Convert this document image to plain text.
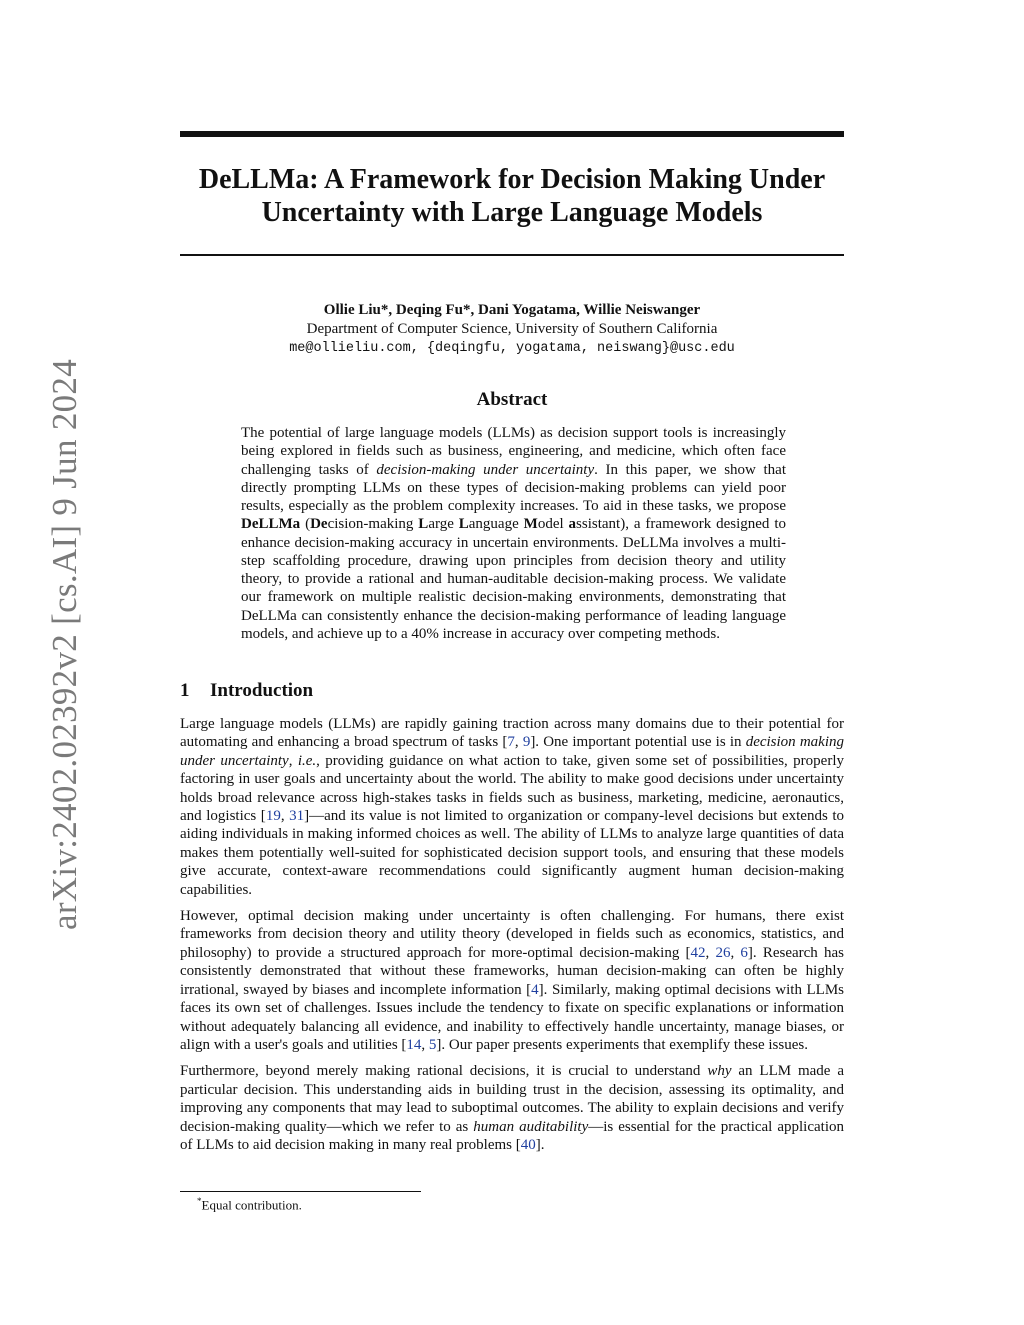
arXiv:2402.02392v2 [cs.AI] 9 Jun 2024
DeLLMa: A Framework for Decision Making Under
Uncertainty with Large Language Models
Ollie Liu*, Deqing Fu*, Dani Yogatama, Willie Neiswanger
Department of Computer Science, University of Southern California
me@ollieliu.com, {deqingfu, yogatama, neiswang}@usc.edu
Abstract

The potential of large language models (LLMs) as decision support tools is increasingly being explored in fields such as business, engineering, and medicine, which often face challenging tasks of decision-making under uncertainty. In this paper, we show that directly prompting LLMs on these types of decision-making problems can yield poor results, especially as the problem complexity increases. To aid in these tasks, we propose DeLLMa (Decision-making Large Language Model assistant), a framework designed to enhance decision-making accuracy in uncertain environments. DeLLMa involves a multi-step scaffolding procedure, drawing upon principles from decision theory and utility theory, to provide a rational and human-auditable decision-making process. We validate our framework on multiple realistic decision-making environments, demonstrating that DeLLMa can consistently enhance the decision-making performance of leading language models, and achieve up to a 40% increase in accuracy over competing methods.

1 Introduction

Large language models (LLMs) are rapidly gaining traction across many domains due to their potential for automating and enhancing a broad spectrum of tasks [7, 9]. One important potential use is in decision making under uncertainty, i.e., providing guidance on what action to take, given some set of possibilities, properly factoring in user goals and uncertainty about the world. The ability to make good decisions under uncertainty holds broad relevance across high-stakes tasks in fields such as business, marketing, medicine, aeronautics, and logistics [19, 31]—and its value is not limited to organization or company-level decisions but extends to aiding individuals in making informed choices as well. The ability of LLMs to analyze large quantities of data makes them potentially well-suited for sophisticated decision support tools, and ensuring that these models give accurate, context-aware recommendations could significantly augment human decision-making capabilities.

However, optimal decision making under uncertainty is often challenging. For humans, there exist frameworks from decision theory and utility theory (developed in fields such as economics, statistics, and philosophy) to provide a structured approach for more-optimal decision-making [42, 26, 6]. Research has consistently demonstrated that without these frameworks, human decision-making can often be highly irrational, swayed by biases and incomplete information [4]. Similarly, making optimal decisions with LLMs faces its own set of challenges. Issues include the tendency to fixate on specific explanations or information without adequately balancing all evidence, and inability to effectively handle uncertainty, manage biases, or align with a user's goals and utilities [14, 5]. Our paper presents experiments that exemplify these issues.

Furthermore, beyond merely making rational decisions, it is crucial to understand why an LLM made a particular decision. This understanding aids in building trust in the decision, assessing its optimality, and improving any components that may lead to suboptimal outcomes. The ability to explain decisions and verify decision-making quality—which we refer to as human auditability—is essential for the practical application of LLMs to aid decision making in many real problems [40].

*Equal contribution.
